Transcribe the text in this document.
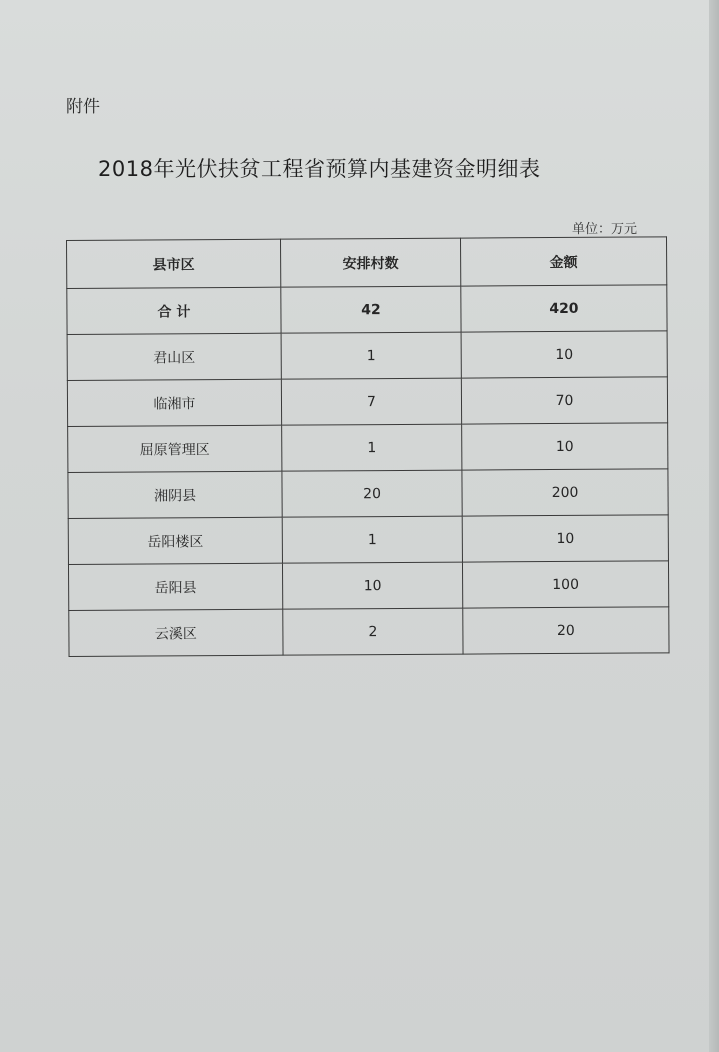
附件
2018年光伏扶贫工程省预算内基建资金明细表
单位：万元
县市区	安排村数	金额
合 计	42	420
君山区	1	10
临湘市	7	70
屈原管理区	1	10
湘阴县	20	200
岳阳楼区	1	10
岳阳县	10	100
云溪区	2	20
